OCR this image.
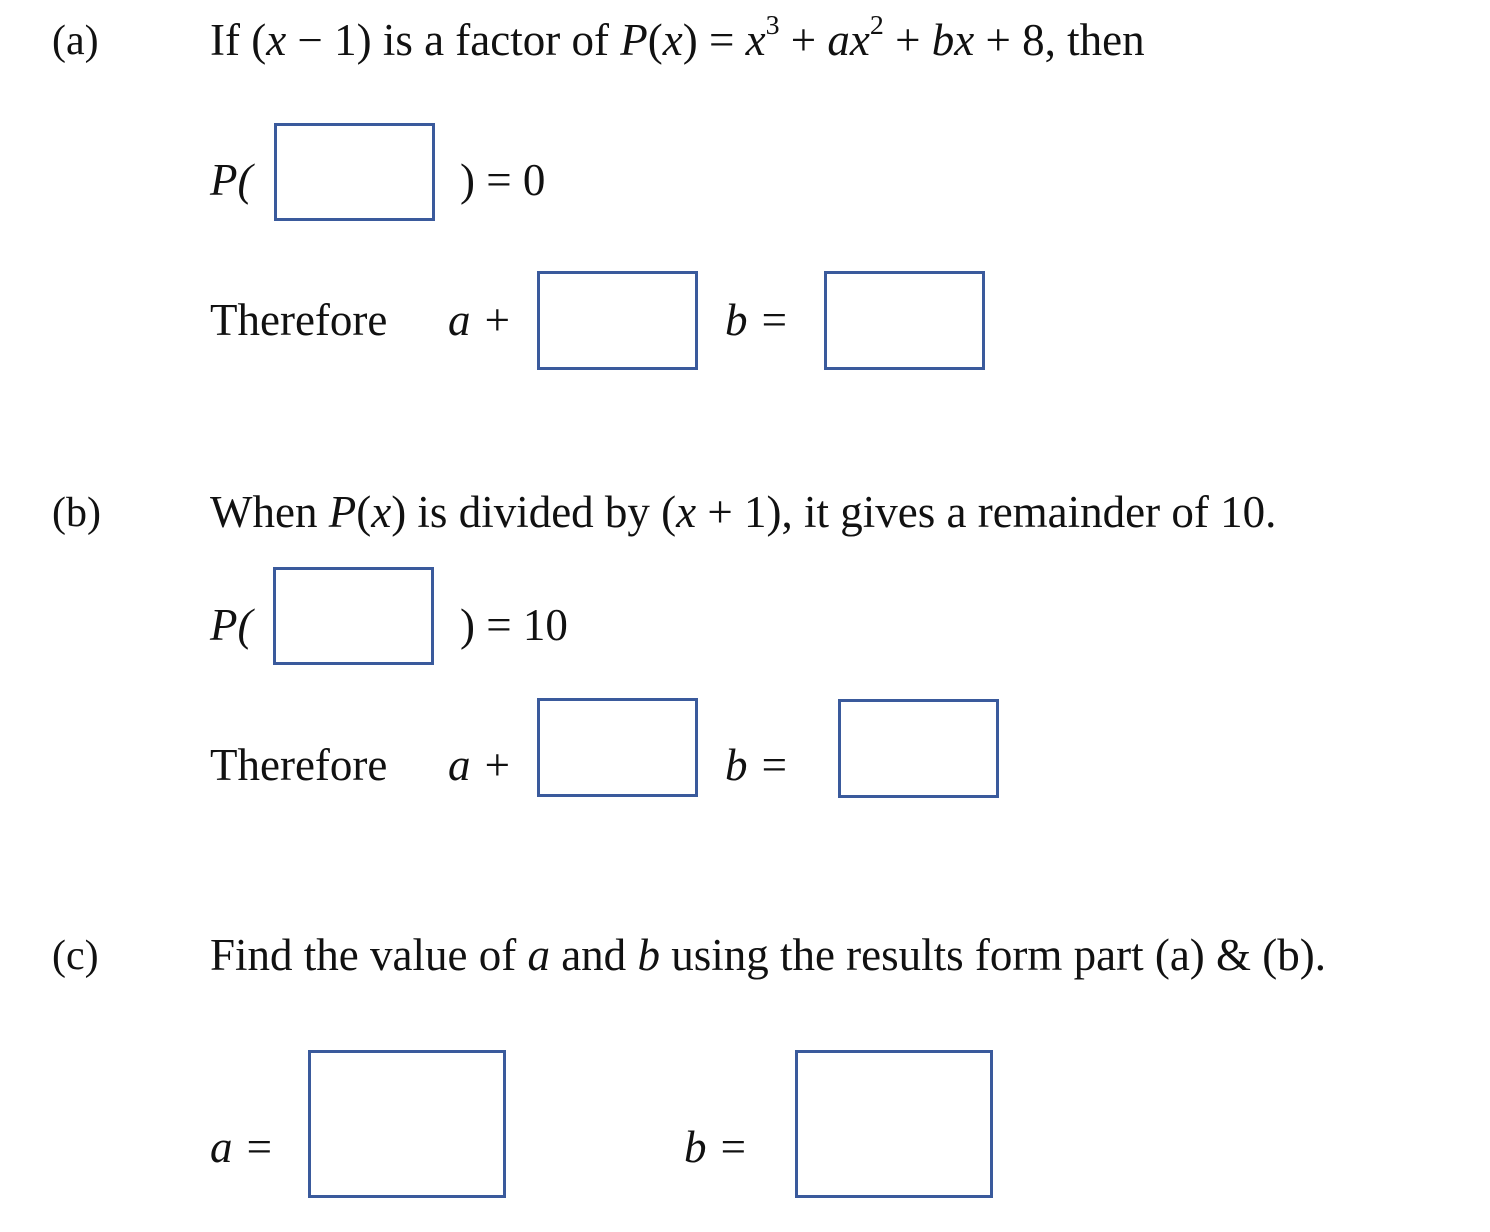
(a) If (x − 1) is a factor of $P(x) = x^3 + ax^2$ + bx + 8, then
P(	) = 0
Therefore a +	b =
(b) When P(x) is divided by (x + 1), it gives a remainder of 10.
P(	) = 10
Therefore a +	b =
(c) Find the value of a and b using the results form part (a) & (b).
a =	b =
